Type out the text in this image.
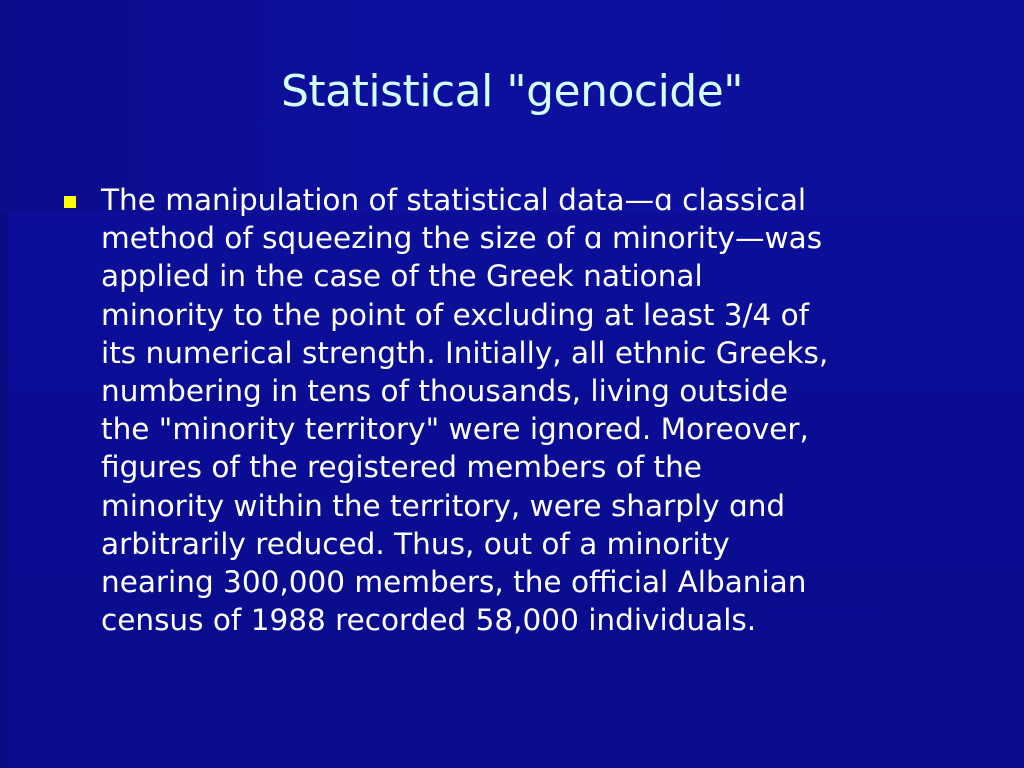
Statistical "genocide"
The manipulation of statistical data—ɑ classical
method of squeezing the size of ɑ minority—was
applied in the case of the Greek national
minority to the point of excluding at least 3/4 of
its numerical strength. Initially, all ethnic Greeks,
numbering in tens of thousands, living outside
the "minority territory" were ignored. Moreover,
figures of the registered members of the
minority within the territory, were sharply ɑnd
arbitrarily reduced. Thus, out of a minority
nearing 300,000 members, the official Albanian
census of 1988 recorded 58,000 individuals.
